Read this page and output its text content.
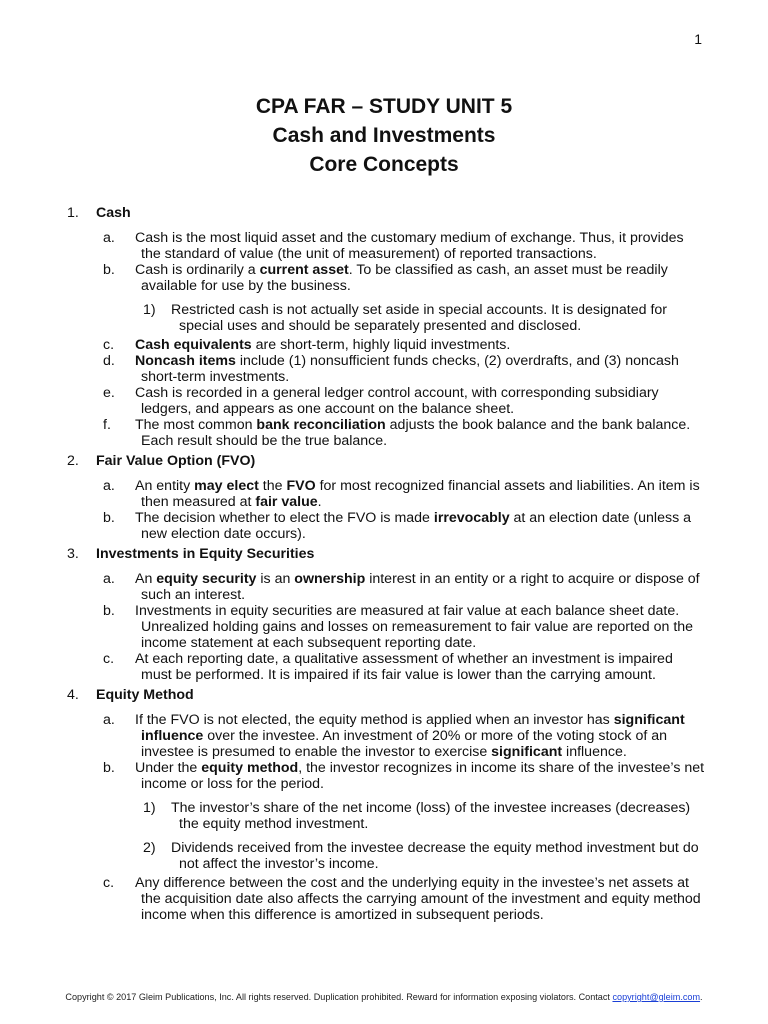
1
CPA FAR – STUDY UNIT 5
Cash and Investments
Core Concepts
1.	Cash
a.	Cash is the most liquid asset and the customary medium of exchange. Thus, it provides the standard of value (the unit of measurement) of reported transactions.
b.	Cash is ordinarily a current asset. To be classified as cash, an asset must be readily available for use by the business.
1)	Restricted cash is not actually set aside in special accounts. It is designated for special uses and should be separately presented and disclosed.
c.	Cash equivalents are short-term, highly liquid investments.
d.	Noncash items include (1) nonsufficient funds checks, (2) overdrafts, and (3) noncash short-term investments.
e.	Cash is recorded in a general ledger control account, with corresponding subsidiary ledgers, and appears as one account on the balance sheet.
f.	The most common bank reconciliation adjusts the book balance and the bank balance. Each result should be the true balance.
2.	Fair Value Option (FVO)
a.	An entity may elect the FVO for most recognized financial assets and liabilities. An item is then measured at fair value.
b.	The decision whether to elect the FVO is made irrevocably at an election date (unless a new election date occurs).
3.	Investments in Equity Securities
a.	An equity security is an ownership interest in an entity or a right to acquire or dispose of such an interest.
b.	Investments in equity securities are measured at fair value at each balance sheet date. Unrealized holding gains and losses on remeasurement to fair value are reported on the income statement at each subsequent reporting date.
c.	At each reporting date, a qualitative assessment of whether an investment is impaired must be performed. It is impaired if its fair value is lower than the carrying amount.
4.	Equity Method
a.	If the FVO is not elected, the equity method is applied when an investor has significant influence over the investee. An investment of 20% or more of the voting stock of an investee is presumed to enable the investor to exercise significant influence.
b.	Under the equity method, the investor recognizes in income its share of the investee’s net income or loss for the period.
1)	The investor’s share of the net income (loss) of the investee increases (decreases) the equity method investment.
2)	Dividends received from the investee decrease the equity method investment but do not affect the investor’s income.
c.	Any difference between the cost and the underlying equity in the investee’s net assets at the acquisition date also affects the carrying amount of the investment and equity method income when this difference is amortized in subsequent periods.
Copyright © 2017 Gleim Publications, Inc. All rights reserved. Duplication prohibited. Reward for information exposing violators. Contact copyright@gleim.com.
